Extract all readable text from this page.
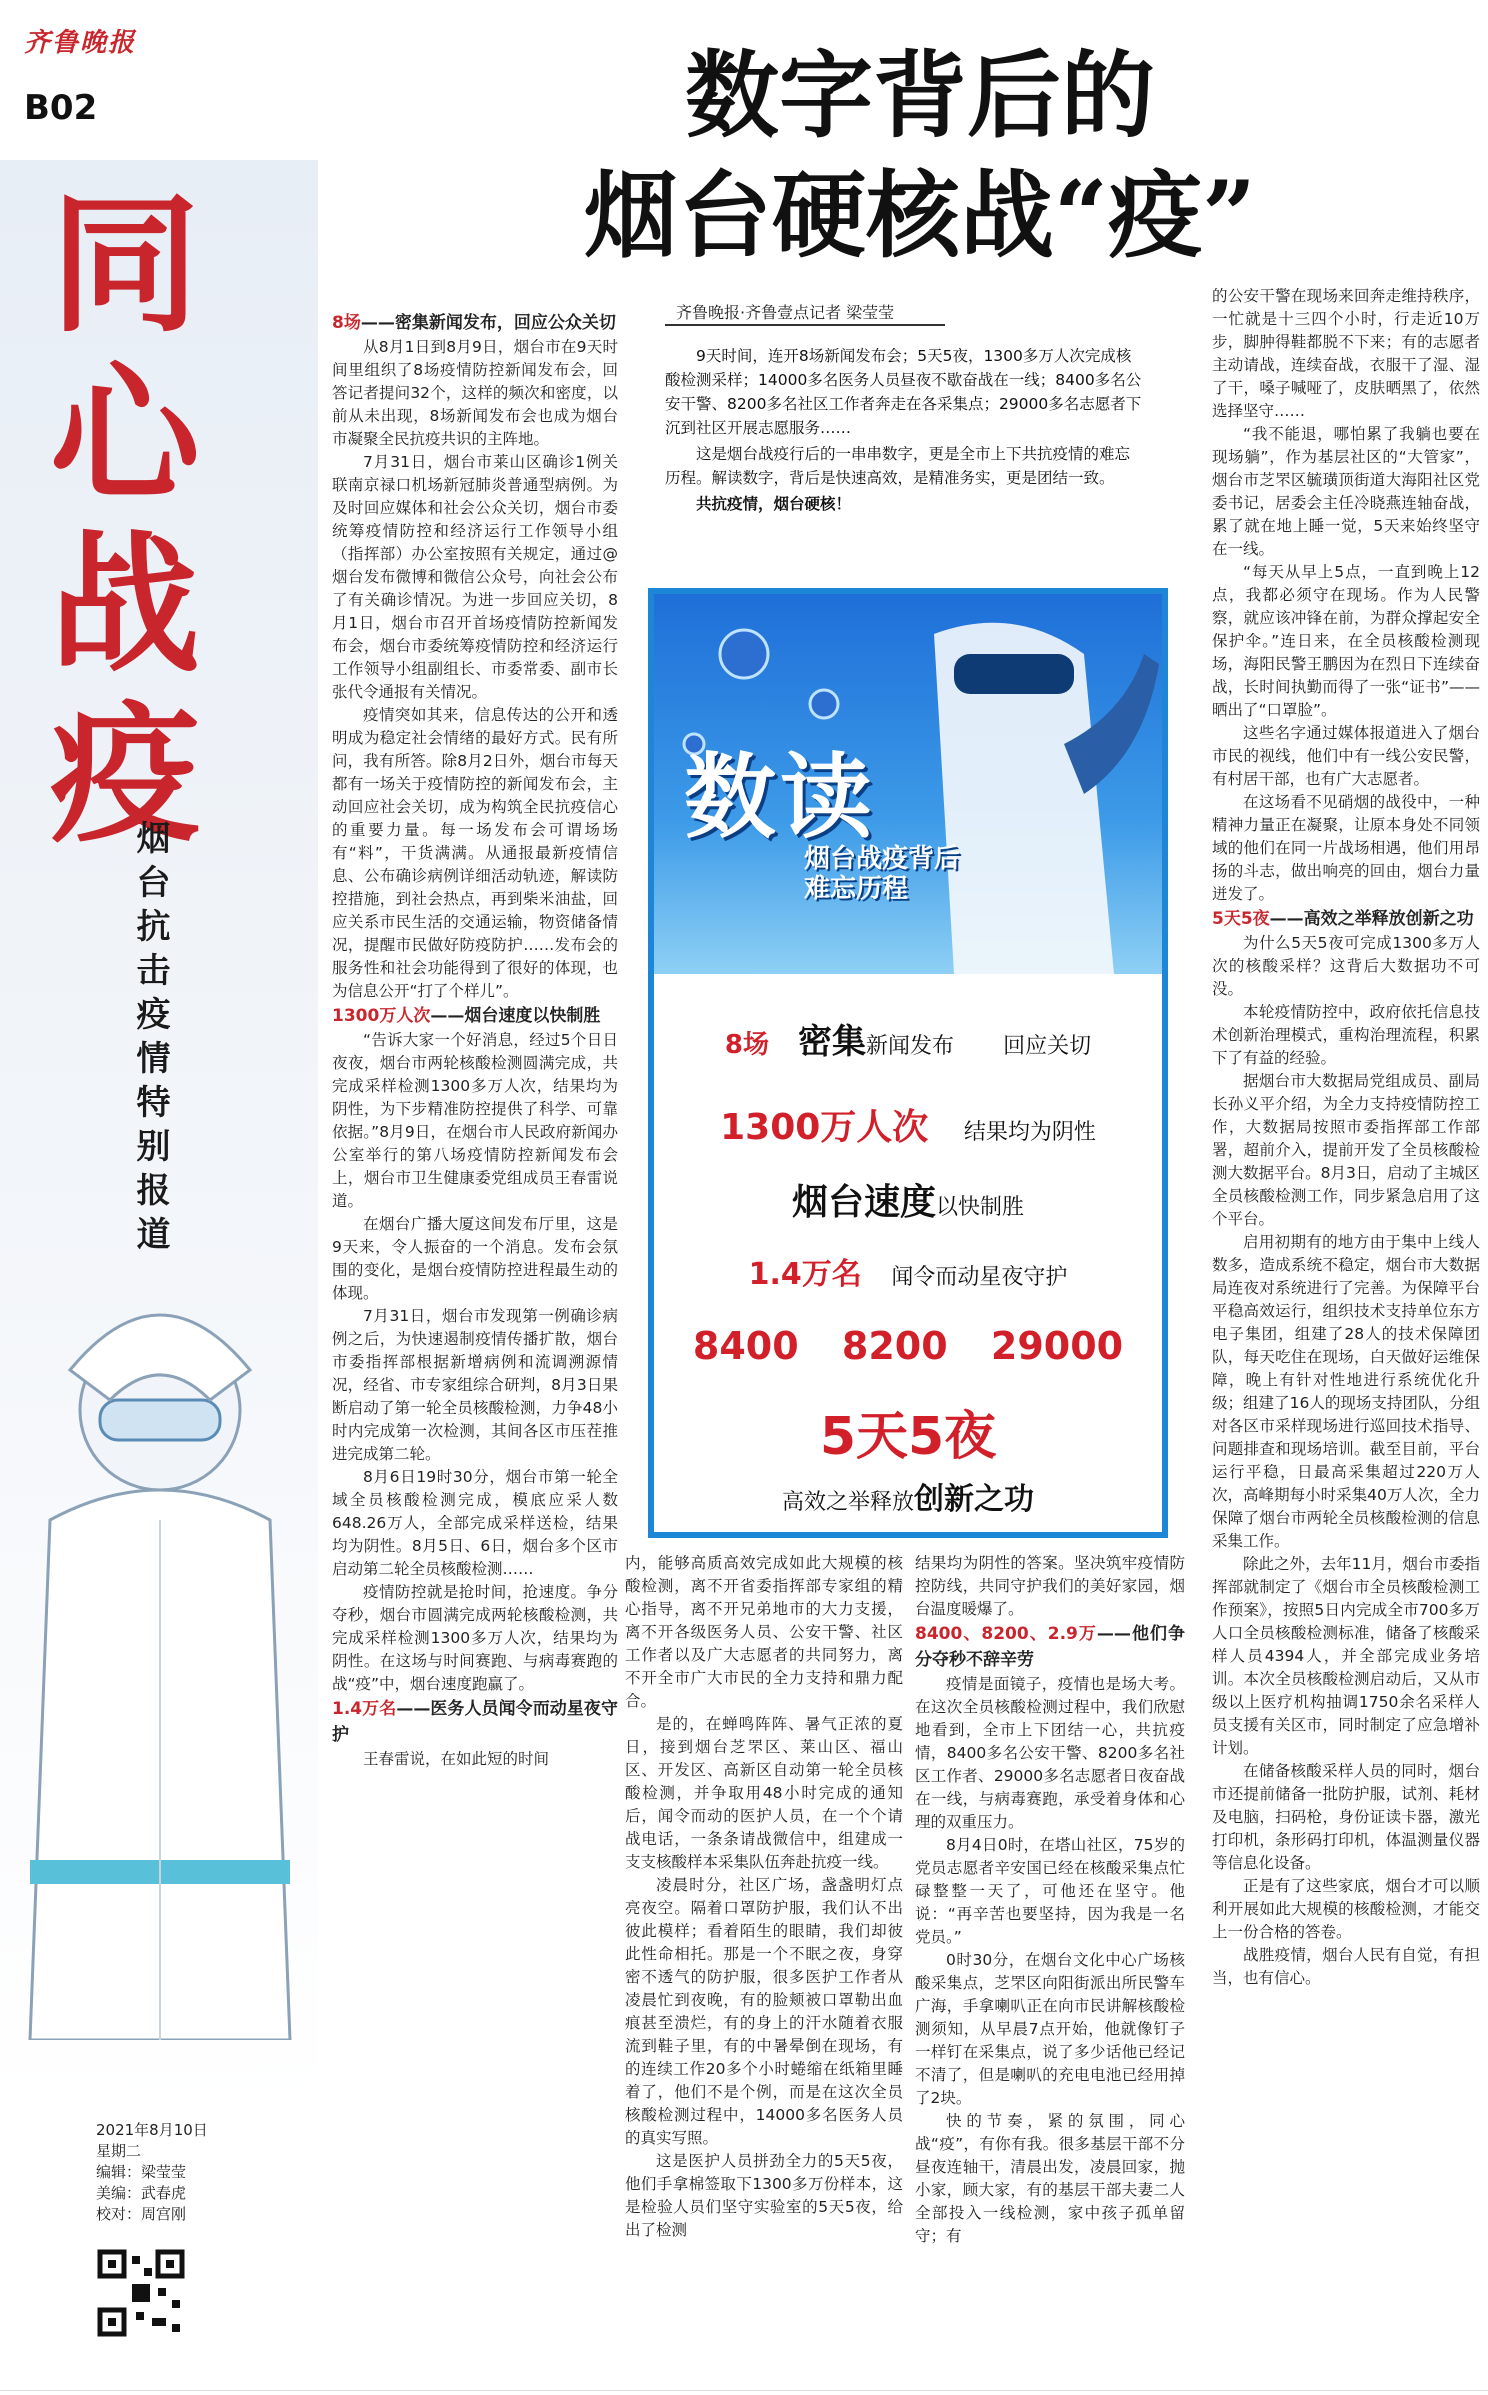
齐鲁晚报
B02
同心战疫
烟台抗击疫情特别报道
2021年8月10日
星期二
编辑：梁莹莹
美编：武春虎
校对：周宫刚
数字背后的
烟台硬核战“疫”
齐鲁晚报·齐鲁壹点记者 梁莹莹

9天时间，连开8场新闻发布会；5天5夜，1300多万人次完成核酸检测采样；14000多名医务人员昼夜不歇奋战在一线；8400多名公安干警、8200多名社区工作者奔走在各采集点；29000多名志愿者下沉到社区开展志愿服务……

这是烟台战疫行后的一串串数字，更是全市上下共抗疫情的难忘历程。解读数字，背后是快速高效，是精准务实，更是团结一致。

共抗疫情，烟台硬核！

8场——密集新闻发布，回应公众关切

从8月1日到8月9日，烟台市在9天时间里组织了8场疫情防控新闻发布会，回答记者提问32个，这样的频次和密度，以前从未出现，8场新闻发布会也成为烟台市凝聚全民抗疫共识的主阵地。

7月31日，烟台市莱山区确诊1例关联南京禄口机场新冠肺炎普通型病例。为及时回应媒体和社会公众关切，烟台市委统筹疫情防控和经济运行工作领导小组（指挥部）办公室按照有关规定，通过@烟台发布微博和微信公众号，向社会公布了有关确诊情况。为进一步回应关切，8月1日，烟台市召开首场疫情防控新闻发布会，烟台市委统筹疫情防控和经济运行工作领导小组副组长、市委常委、副市长张代令通报有关情况。

疫情突如其来，信息传达的公开和透明成为稳定社会情绪的最好方式。民有所问，我有所答。除8月2日外，烟台市每天都有一场关于疫情防控的新闻发布会，主动回应社会关切，成为构筑全民抗疫信心的重要力量。每一场发布会可谓场场有“料”，干货满满。从通报最新疫情信息、公布确诊病例详细活动轨迹，解读防控措施，到社会热点，再到柴米油盐，回应关系市民生活的交通运输，物资储备情况，提醒市民做好防疫防护……发布会的服务性和社会功能得到了很好的体现，也为信息公开“打了个样儿”。

1300万人次——烟台速度以快制胜

“告诉大家一个好消息，经过5个日日夜夜，烟台市两轮核酸检测圆满完成，共完成采样检测1300多万人次，结果均为阴性，为下步精准防控提供了科学、可靠依据。”8月9日，在烟台市人民政府新闻办公室举行的第八场疫情防控新闻发布会上，烟台市卫生健康委党组成员王春雷说道。

在烟台广播大厦这间发布厅里，这是9天来，令人振奋的一个消息。发布会氛围的变化，是烟台疫情防控进程最生动的体现。

7月31日，烟台市发现第一例确诊病例之后，为快速遏制疫情传播扩散，烟台市委指挥部根据新增病例和流调溯源情况，经省、市专家组综合研判，8月3日果断启动了第一轮全员核酸检测，力争48小时内完成第一次检测，其间各区市压茬推进完成第二轮。

8月6日19时30分，烟台市第一轮全域全员核酸检测完成，模底应采人数648.26万人，全部完成采样送检，结果均为阴性。8月5日、6日，烟台多个区市启动第二轮全员核酸检测……

疫情防控就是抢时间，抢速度。争分夺秒，烟台市圆满完成两轮核酸检测，共完成采样检测1300多万人次，结果均为阴性。在这场与时间赛跑、与病毒赛跑的战“疫”中，烟台速度跑赢了。

1.4万名——医务人员闻令而动星夜守护

王春雷说，在如此短的时间

数读
烟台战疫背后
难忘历程
8场 密集新闻发布 回应关切
1300万人次 结果均为阴性
烟台速度以快制胜
1.4万名 闻令而动星夜守护
8400 8200 29000
5天5夜
高效之举释放创新之功

内，能够高质高效完成如此大规模的核酸检测，离不开省委指挥部专家组的精心指导，离不开兄弟地市的大力支援，离不开各级医务人员、公安干警、社区工作者以及广大志愿者的共同努力，离不开全市广大市民的全力支持和鼎力配合。

是的，在蝉鸣阵阵、暑气正浓的夏日，接到烟台芝罘区、莱山区、福山区、开发区、高新区自动第一轮全员核酸检测，并争取用48小时完成的通知后，闻令而动的医护人员，在一个个请战电话，一条条请战微信中，组建成一支支核酸样本采集队伍奔赴抗疫一线。

凌晨时分，社区广场，盏盏明灯点亮夜空。隔着口罩防护服，我们认不出彼此模样；看着陌生的眼睛，我们却彼此性命相托。那是一个不眠之夜，身穿密不透气的防护服，很多医护工作者从凌晨忙到夜晚，有的脸颊被口罩勒出血痕甚至溃烂，有的身上的汗水随着衣服流到鞋子里，有的中暑晕倒在现场，有的连续工作20多个小时蜷缩在纸箱里睡着了，他们不是个例，而是在这次全员核酸检测过程中，14000多名医务人员的真实写照。

这是医护人员拼劲全力的5天5夜，他们手拿棉签取下1300多万份样本，这是检验人员们坚守实验室的5天5夜，给出了检测

结果均为阴性的答案。坚决筑牢疫情防控防线，共同守护我们的美好家园，烟台温度暖爆了。

8400、8200、2.9万——他们争分夺秒不辞辛劳

疫情是面镜子，疫情也是场大考。在这次全员核酸检测过程中，我们欣慰地看到，全市上下团结一心，共抗疫情，8400多名公安干警、8200多名社区工作者、29000多名志愿者日夜奋战在一线，与病毒赛跑，承受着身体和心理的双重压力。

8月4日0时，在塔山社区，75岁的党员志愿者辛安国已经在核酸采集点忙碌整整一天了，可他还在坚守。他说：“再辛苦也要坚持，因为我是一名党员。”

0时30分，在烟台文化中心广场核酸采集点，芝罘区向阳街派出所民警车广海，手拿喇叭正在向市民讲解核酸检测须知，从早晨7点开始，他就像钉子一样钉在采集点，说了多少话他已经记不清了，但是喇叭的充电电池已经用掉了2块。

快的节奏，紧的氛围，同心战“疫”，有你有我。很多基层干部不分昼夜连轴干，清晨出发，凌晨回家，抛小家，顾大家，有的基层干部夫妻二人全部投入一线检测，家中孩子孤单留守；有

的公安干警在现场来回奔走维持秩序，一忙就是十三四个小时，行走近10万步，脚肿得鞋都脱不下来；有的志愿者主动请战，连续奋战，衣服干了湿、湿了干，嗓子喊哑了，皮肤晒黑了，依然选择坚守……

“我不能退，哪怕累了我躺也要在现场躺”，作为基层社区的“大管家”，烟台市芝罘区毓璜顶街道大海阳社区党委书记，居委会主任冷晓燕连轴奋战，累了就在地上睡一觉，5天来始终坚守在一线。

“每天从早上5点，一直到晚上12点，我都必须守在现场。作为人民警察，就应该冲锋在前，为群众撑起安全保护伞。”连日来，在全员核酸检测现场，海阳民警王鹏因为在烈日下连续奋战，长时间执勤而得了一张“证书”——晒出了“口罩脸”。

这些名字通过媒体报道进入了烟台市民的视线，他们中有一线公安民警，有村居干部，也有广大志愿者。

在这场看不见硝烟的战役中，一种精神力量正在凝聚，让原本身处不同领域的他们在同一片战场相遇，他们用昂扬的斗志，做出响亮的回由，烟台力量迸发了。

5天5夜——高效之举释放创新之功

为什么5天5夜可完成1300多万人次的核酸采样？这背后大数据功不可没。

本轮疫情防控中，政府依托信息技术创新治理模式，重构治理流程，积累下了有益的经验。

据烟台市大数据局党组成员、副局长孙义平介绍，为全力支持疫情防控工作，大数据局按照市委指挥部工作部署，超前介入，提前开发了全员核酸检测大数据平台。8月3日，启动了主城区全员核酸检测工作，同步紧急启用了这个平台。

启用初期有的地方由于集中上线人数多，造成系统不稳定，烟台市大数据局连夜对系统进行了完善。为保障平台平稳高效运行，组织技术支持单位东方电子集团，组建了28人的技术保障团队，每天吃住在现场，白天做好运维保障，晚上有针对性地进行系统优化升级；组建了16人的现场支持团队，分组对各区市采样现场进行巡回技术指导、问题排查和现场培训。截至目前，平台运行平稳，日最高采集超过220万人次，高峰期每小时采集40万人次，全力保障了烟台市两轮全员核酸检测的信息采集工作。

除此之外，去年11月，烟台市委指挥部就制定了《烟台市全员核酸检测工作预案》，按照5日内完成全市700多万人口全员核酸检测标准，储备了核酸采样人员4394人，并全部完成业务培训。本次全员核酸检测启动后，又从市级以上医疗机构抽调1750余名采样人员支援有关区市，同时制定了应急增补计划。

在储备核酸采样人员的同时，烟台市还提前储备一批防护服，试剂、耗材及电脑，扫码枪，身份证读卡器，激光打印机，条形码打印机，体温测量仪器等信息化设备。

正是有了这些家底，烟台才可以顺利开展如此大规模的核酸检测，才能交上一份合格的答卷。

战胜疫情，烟台人民有自觉，有担当，也有信心。
